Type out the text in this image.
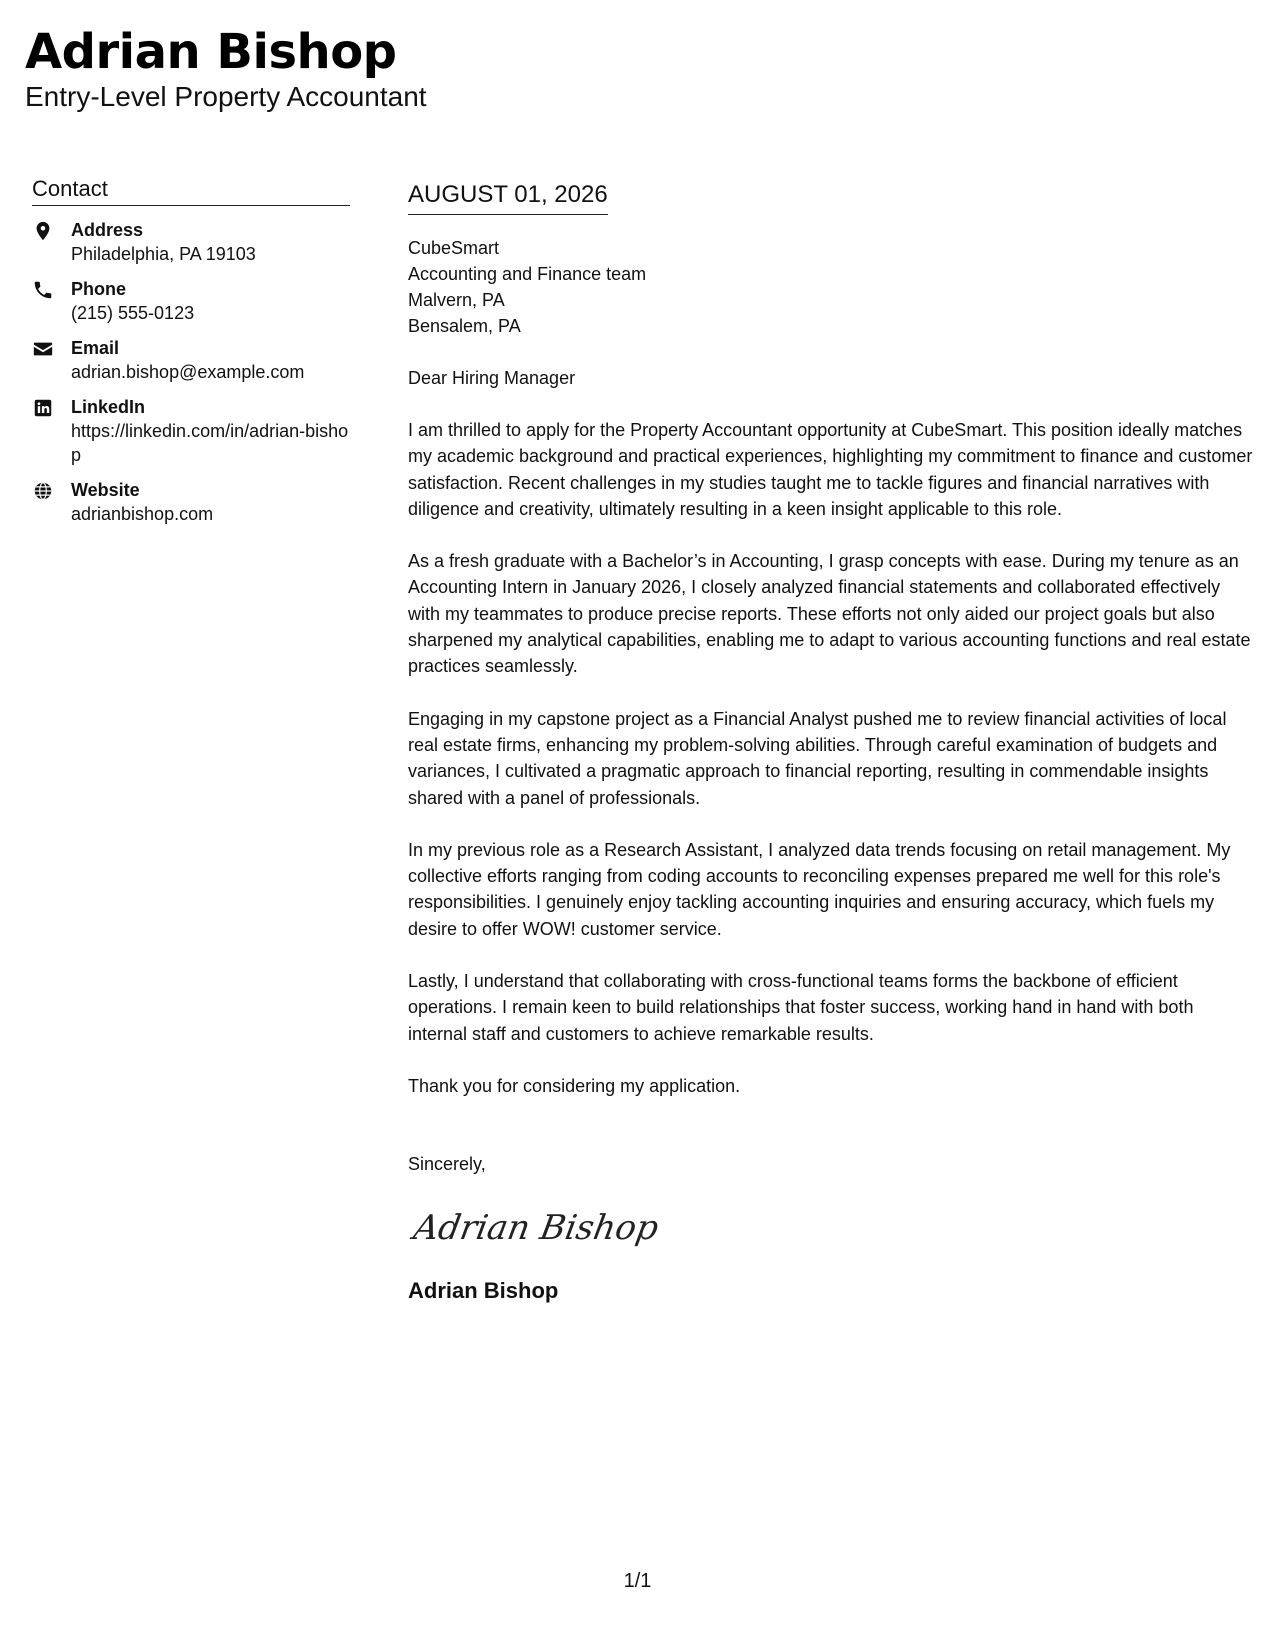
Adrian Bishop
Entry-Level Property Accountant
Contact
Address
Philadelphia, PA 19103
Phone
(215) 555-0123
Email
adrian.bishop@example.com
LinkedIn
https://linkedin.com/in/adrian-bishop
Website
adrianbishop.com
AUGUST 01, 2026
CubeSmart
Accounting and Finance team
Malvern, PA
Bensalem, PA
Dear Hiring Manager
I am thrilled to apply for the Property Accountant opportunity at CubeSmart. This position ideally matches my academic background and practical experiences, highlighting my commitment to finance and customer satisfaction. Recent challenges in my studies taught me to tackle figures and financial narratives with diligence and creativity, ultimately resulting in a keen insight applicable to this role.
As a fresh graduate with a Bachelor’s in Accounting, I grasp concepts with ease. During my tenure as an Accounting Intern in January 2026, I closely analyzed financial statements and collaborated effectively with my teammates to produce precise reports. These efforts not only aided our project goals but also sharpened my analytical capabilities, enabling me to adapt to various accounting functions and real estate practices seamlessly.
Engaging in my capstone project as a Financial Analyst pushed me to review financial activities of local real estate firms, enhancing my problem-solving abilities. Through careful examination of budgets and variances, I cultivated a pragmatic approach to financial reporting, resulting in commendable insights shared with a panel of professionals.
In my previous role as a Research Assistant, I analyzed data trends focusing on retail management. My collective efforts ranging from coding accounts to reconciling expenses prepared me well for this role's responsibilities. I genuinely enjoy tackling accounting inquiries and ensuring accuracy, which fuels my desire to offer WOW! customer service.
Lastly, I understand that collaborating with cross-functional teams forms the backbone of efficient operations. I remain keen to build relationships that foster success, working hand in hand with both internal staff and customers to achieve remarkable results.
Thank you for considering my application.
Sincerely,
Adrian Bishop
Adrian Bishop
1/1
